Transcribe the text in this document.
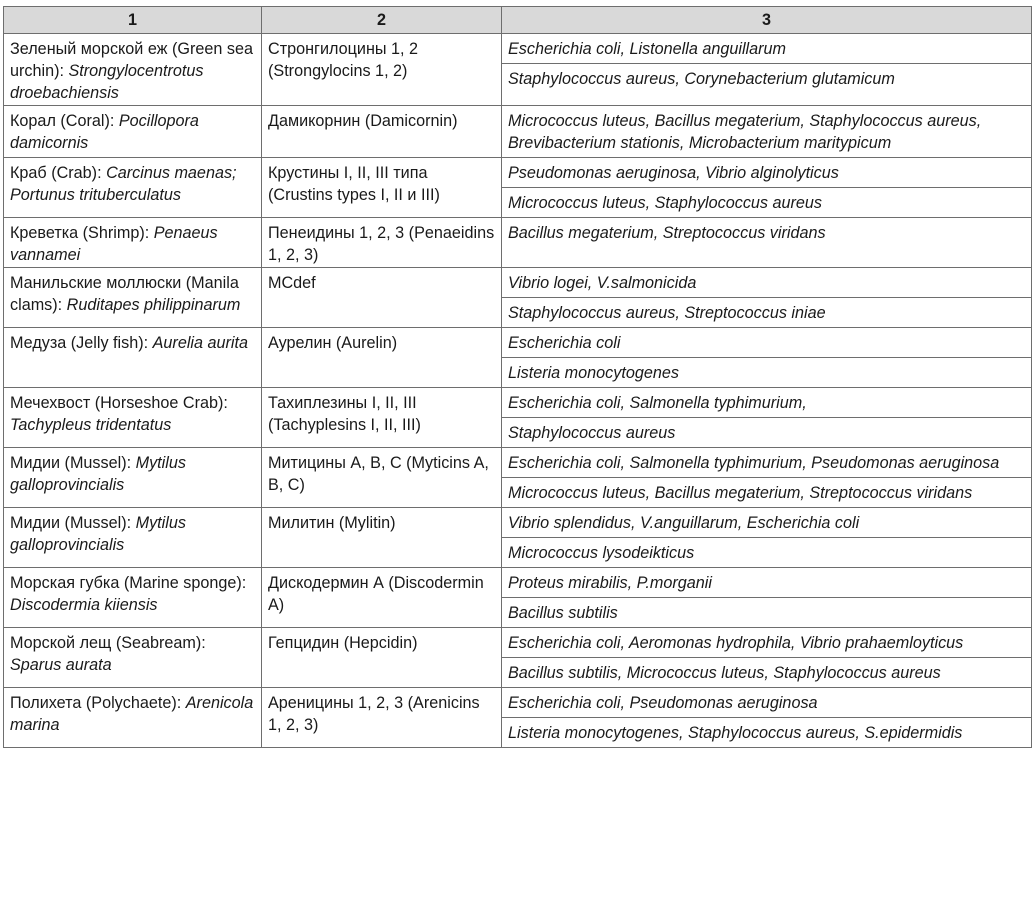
1	2	3
Зеленый морской еж (Green sea urchin): Strongylocentrotus droebachiensis	Стронгилоцины 1, 2 (Strongylocins 1, 2)	Escherichia coli, Listonella anguillarum
Staphylococcus aureus, Corynebacterium glutamicum

Корал (Coral): Pocillopora damicornis	Дамикорнин (Damicornin)	Micrococcus luteus, Bacillus megaterium, Staphylococcus aureus, Brevibacterium stationis, Microbacterium maritypicum

Краб (Crab): Carcinus maenas; Portunus trituberculatus	Крустины I, II, III типа (Crustins types I, II и III)	Pseudomonas aeruginosa, Vibrio alginolyticus
Micrococcus luteus, Staphylococcus aureus

Креветка (Shrimp): Penaeus vannamei	Пенеидины 1, 2, 3 (Penaeidins 1, 2, 3)	Bacillus megaterium, Streptococcus viridans

Манильские моллюски (Manila clams): Ruditapes philippinarum	MCdef	Vibrio logei, V.salmonicida
Staphylococcus aureus, Streptococcus iniae

Медуза (Jelly fish): Aurelia aurita	Аурелин (Aurelin)	Escherichia coli
Listeria monocytogenes

Мечехвост (Horseshoe Crab): Tachypleus tridentatus	Тахиплезины I, II, III (Tachyplesins I, II, III)	Escherichia coli, Salmonella typhimurium,
Staphylococcus aureus

Мидии (Mussel): Mytilus galloprovincialis	Митицины А, В, С (Myticins A, B, C)	Escherichia coli, Salmonella typhimurium, Pseudomonas aeruginosa
Micrococcus luteus, Bacillus megaterium, Streptococcus viridans

Мидии (Mussel): Mytilus galloprovincialis	Милитин (Mylitin)	Vibrio splendidus, V.anguillarum, Escherichia coli
Micrococcus lysodeikticus

Морская губка (Marine sponge): Discodermia kiiensis	Дискодермин А (Discodermin A)	Proteus mirabilis, P.morganii
Bacillus subtilis

Морской лещ (Seabream): Sparus aurata	Гепцидин (Hepcidin)	Escherichia coli, Aeromonas hydrophila, Vibrio prahaemloyticus
Bacillus subtilis, Micrococcus luteus, Staphylococcus aureus

Полихета (Polychaete): Arenicola marina	Ареницины 1, 2, 3 (Arenicins 1, 2, 3)	Escherichia coli, Pseudomonas aeruginosa
Listeria monocytogenes, Staphylococcus aureus, S.epidermidis
